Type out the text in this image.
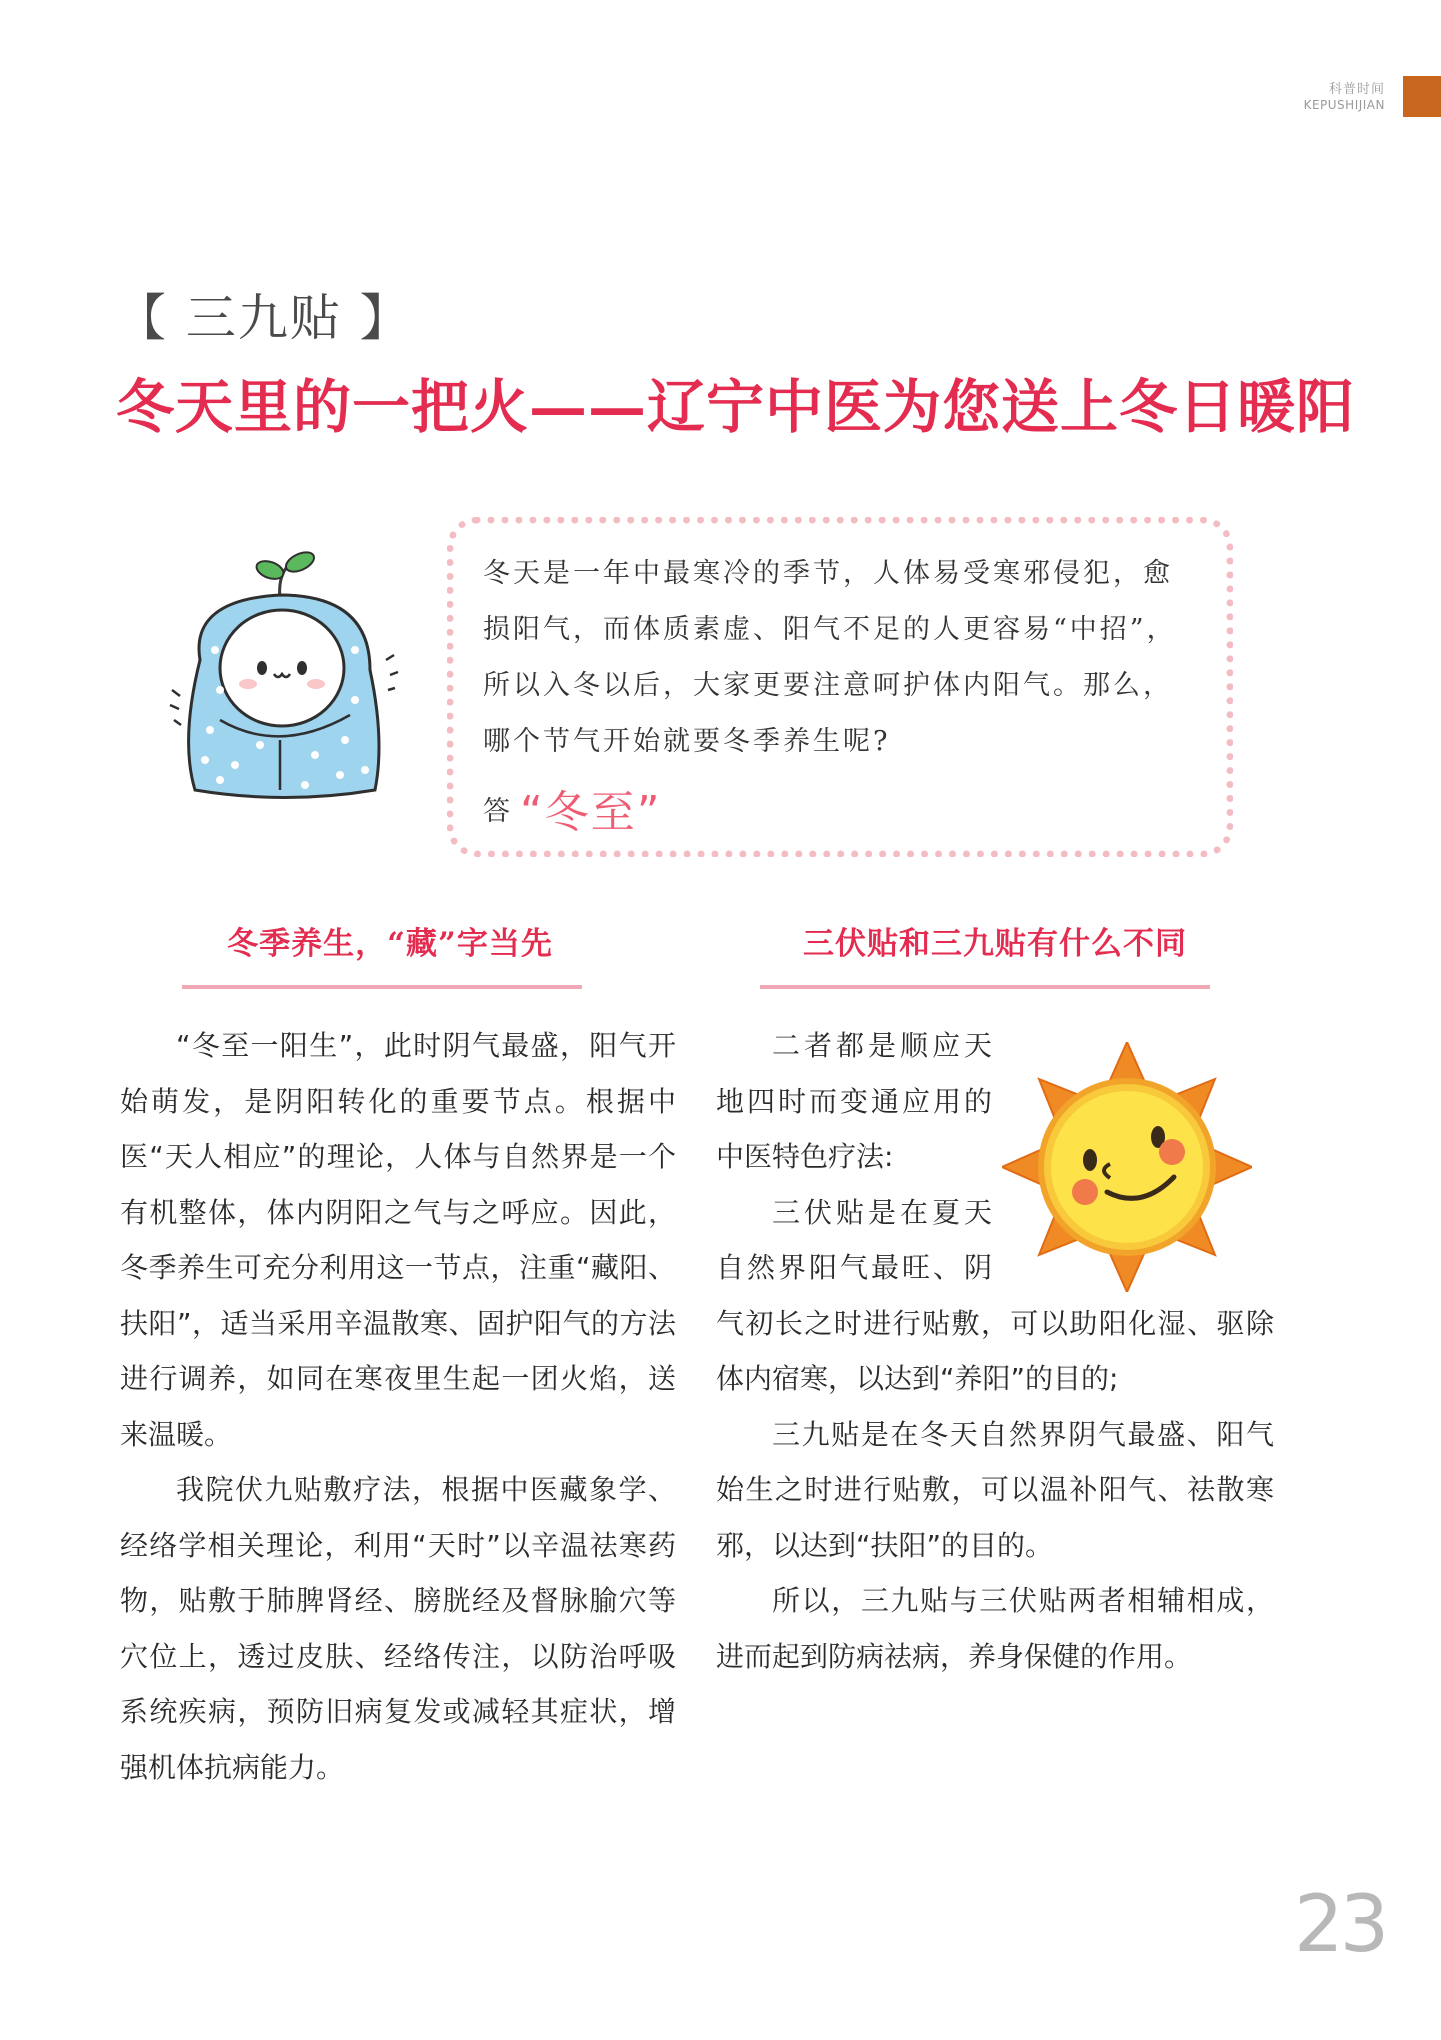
科普时间
KEPUSHIJIAN
【 三九贴 】
冬天里的一把火——辽宁中医为您送上冬日暖阳
冬天是一年中最寒冷的季节，人体易受寒邪侵犯，愈
损阳气，而体质素虚、阳气不足的人更容易“中招”，
所以入冬以后，大家更要注意呵护体内阳气。那么，
哪个节气开始就要冬季养生呢?
答 “冬至”
冬季养生，“藏”字当先	三伏贴和三九贴有什么不同

“冬至一阳生”，此时阴气最盛，阳气开始萌发，是阴阳转化的重要节点。根据中医“天人相应”的理论，人体与自然界是一个有机整体，体内阴阳之气与之呼应。因此，冬季养生可充分利用这一节点，注重“藏阳、扶阳”，适当采用辛温散寒、固护阳气的方法进行调养，如同在寒夜里生起一团火焰，送来温暖。

我院伏九贴敷疗法，根据中医藏象学、经络学相关理论，利用“天时”以辛温祛寒药物，贴敷于肺脾肾经、膀胱经及督脉腧穴等穴位上，透过皮肤、经络传注，以防治呼吸系统疾病，预防旧病复发或减轻其症状，增强机体抗病能力。

二者都是顺应天地四时而变通应用的中医特色疗法:

三伏贴是在夏天自然界阳气最旺、阴气初长之时进行贴敷，可以助阳化湿、驱除体内宿寒，以达到“养阳”的目的;

三九贴是在冬天自然界阴气最盛、阳气始生之时进行贴敷，可以温补阳气、祛散寒邪，以达到“扶阳”的目的。

所以，三九贴与三伏贴两者相辅相成，进而起到防病祛病，养身保健的作用。

23
